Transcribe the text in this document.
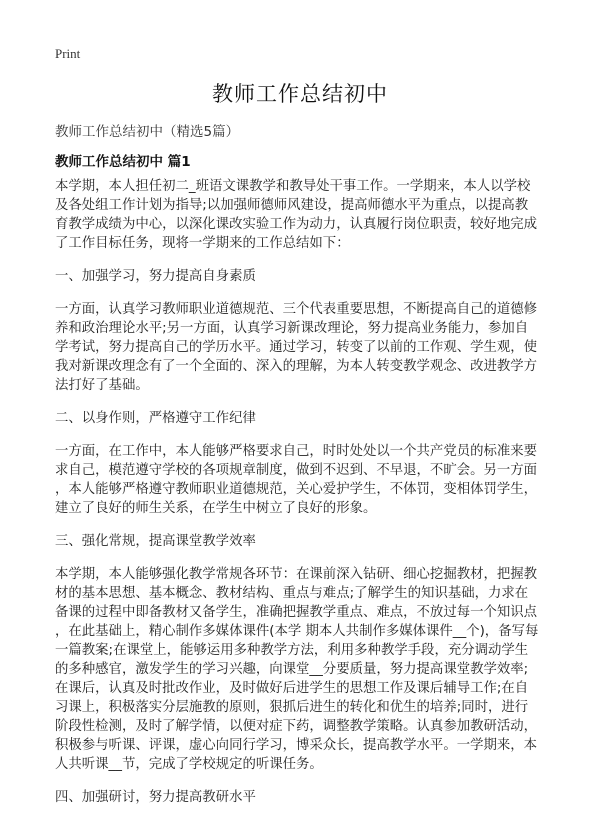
Print
教师工作总结初中
教师工作总结初中（精选5篇）
教师工作总结初中 篇1
本学期，本人担任初二_班语文课教学和教导处干事工作。一学期来，本人以学校
及各处组工作计划为指导;以加强师德师风建设，提高师德水平为重点，以提高教
育教学成绩为中心，以深化课改实验工作为动力，认真履行岗位职责，较好地完成
了工作目标任务，现将一学期来的工作总结如下：
一、加强学习，努力提高自身素质
一方面，认真学习教师职业道德规范、三个代表重要思想，不断提高自己的道德修
养和政治理论水平;另一方面，认真学习新课改理论，努力提高业务能力，参加自
学考试，努力提高自己的学历水平。通过学习，转变了以前的工作观、学生观，使
我对新课改理念有了一个全面的、深入的理解，为本人转变教学观念、改进教学方
法打好了基础。
二、以身作则，严格遵守工作纪律
一方面，在工作中，本人能够严格要求自己，时时处处以一个共产党员的标准来要
求自己，模范遵守学校的各项规章制度，做到不迟到、不早退，不旷会。另一方面
，本人能够严格遵守教师职业道德规范，关心爱护学生，不体罚，变相体罚学生，
建立了良好的师生关系，在学生中树立了良好的形象。
三、强化常规，提高课堂教学效率
本学期，本人能够强化教学常规各环节：在课前深入钻研、细心挖掘教材，把握教
材的基本思想、基本概念、教材结构、重点与难点;了解学生的知识基础，力求在
备课的过程中即备教材又备学生，准确把握教学重点、难点，不放过每一个知识点
，在此基础上，精心制作多媒体课件(本学 期本人共制作多媒体课件__个)，备写每
一篇教案;在课堂上，能够运用多种教学方法，利用多种教学手段，充分调动学生
的多种感官，激发学生的学习兴趣，向课堂__分要质量，努力提高课堂教学效率;
在课后，认真及时批改作业，及时做好后进学生的思想工作及课后辅导工作;在自
习课上，积极落实分层施教的原则，狠抓后进生的转化和优生的培养;同时，进行
阶段性检测，及时了解学情，以便对症下药，调整教学策略。认真参加教研活动，
积极参与听课、评课，虚心向同行学习，博采众长，提高教学水平。一学期来，本
人共听课__节，完成了学校规定的听课任务。
四、加强研讨，努力提高教研水平
